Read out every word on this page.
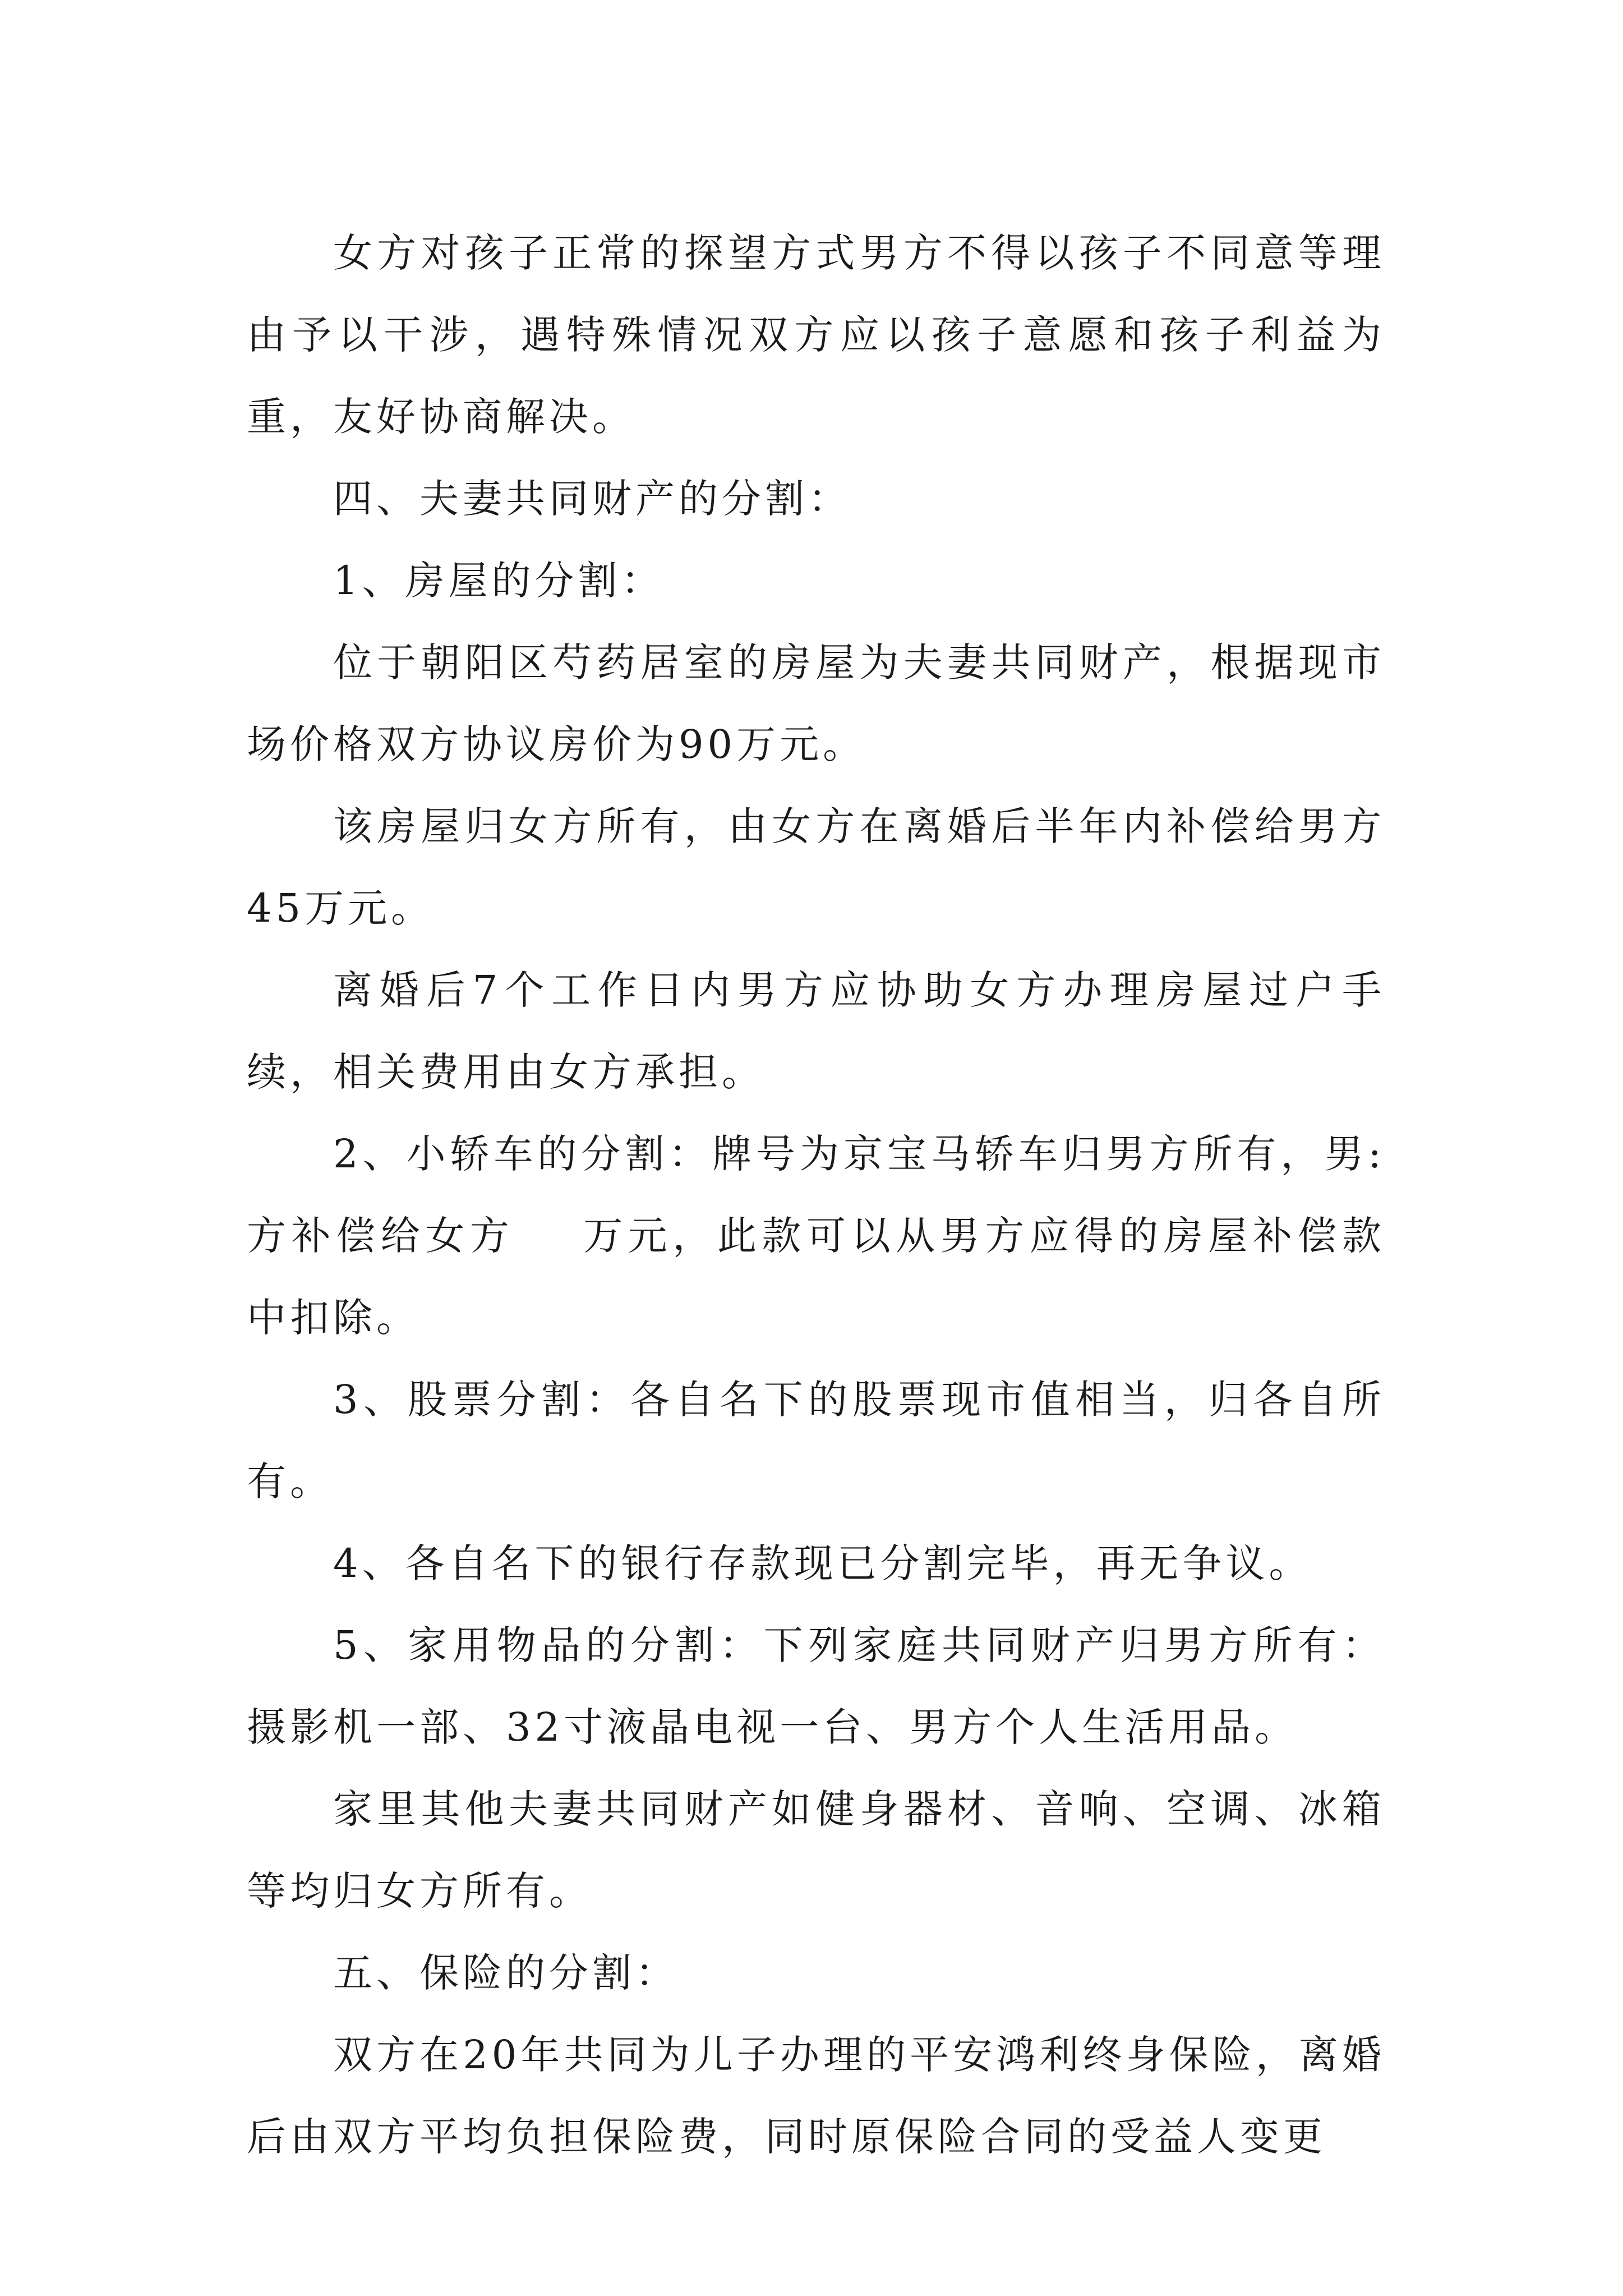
女方对孩子正常的探望方式男方不得以孩子不同意等理由予以干涉，遇特殊情况双方应以孩子意愿和孩子利益为重，友好协商解决。

四、夫妻共同财产的分割：

1、房屋的分割：

位于朝阳区芍药居室的房屋为夫妻共同财产，根据现市场价格双方协议房价为90万元。

该房屋归女方所有，由女方在离婚后半年内补偿给男方45万元。

离婚后7个工作日内男方应协助女方办理房屋过户手续，相关费用由女方承担。

2、小轿车的分割：牌号为京宝马轿车归男方所有，男:方补偿给女方 万元，此款可以从男方应得的房屋补偿款中扣除。

3、股票分割：各自名下的股票现市值相当，归各自所有。

4、各自名下的银行存款现已分割完毕，再无争议。

5、家用物品的分割：下列家庭共同财产归男方所有：摄影机一部、32寸液晶电视一台、男方个人生活用品。

家里其他夫妻共同财产如健身器材、音响、空调、冰箱等均归女方所有。

五、保险的分割：

双方在20年共同为儿子办理的平安鸿利终身保险，离婚后由双方平均负担保险费，同时原保险合同的受益人变更
